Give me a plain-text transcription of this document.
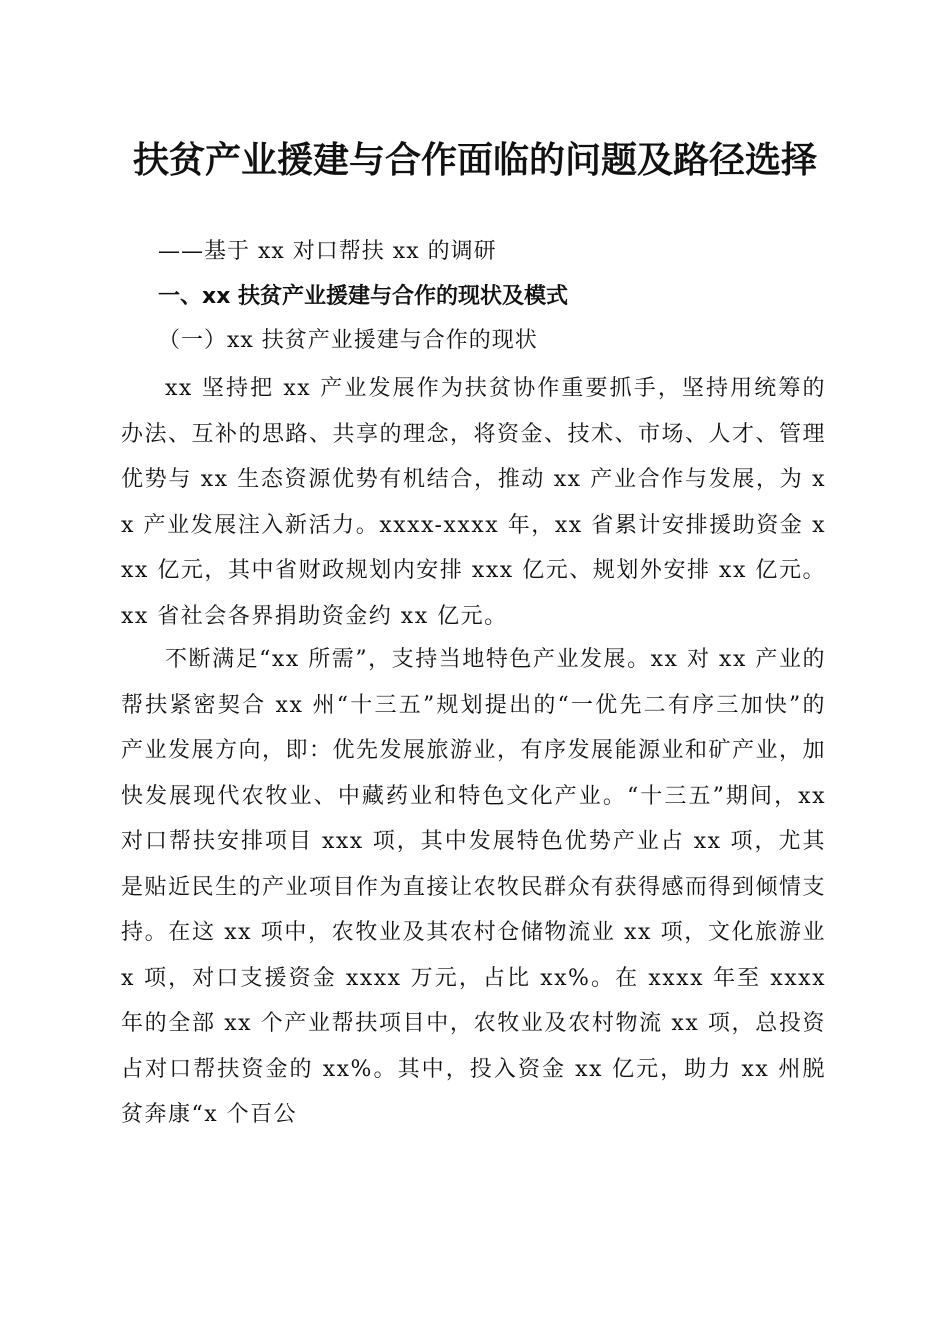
扶贫产业援建与合作面临的问题及路径选择
——基于 xx 对口帮扶 xx 的调研
一、xx 扶贫产业援建与合作的现状及模式
（一）xx 扶贫产业援建与合作的现状

xx 坚持把 xx 产业发展作为扶贫协作重要抓手，坚持用统筹的办法、互补的思路、共享的理念，将资金、技术、市场、人才、管理优势与 xx 生态资源优势有机结合，推动 xx 产业合作与发展，为 xx 产业发展注入新活力。xxxx-xxxx 年，xx 省累计安排援助资金 xxx 亿元，其中省财政规划内安排 xxx 亿元、规划外安排 xx 亿元。xx 省社会各界捐助资金约 xx 亿元。

不断满足“xx 所需”，支持当地特色产业发展。xx 对 xx 产业的帮扶紧密契合 xx 州“十三五”规划提出的“一优先二有序三加快”的产业发展方向，即：优先发展旅游业，有序发展能源业和矿产业，加快发展现代农牧业、中藏药业和特色文化产业。“十三五”期间，xx 对口帮扶安排项目 xxx 项，其中发展特色优势产业占 xx 项，尤其是贴近民生的产业项目作为直接让农牧民群众有获得感而得到倾情支持。在这 xx 项中，农牧业及其农村仓储物流业 xx 项，文化旅游业 x 项，对口支援资金 xxxx 万元，占比 xx%。在 xxxx 年至 xxxx 年的全部 xx 个产业帮扶项目中，农牧业及农村物流 xx 项，总投资占对口帮扶资金的 xx%。其中，投入资金 xx 亿元，助力 xx 州脱贫奔康“x 个百公
